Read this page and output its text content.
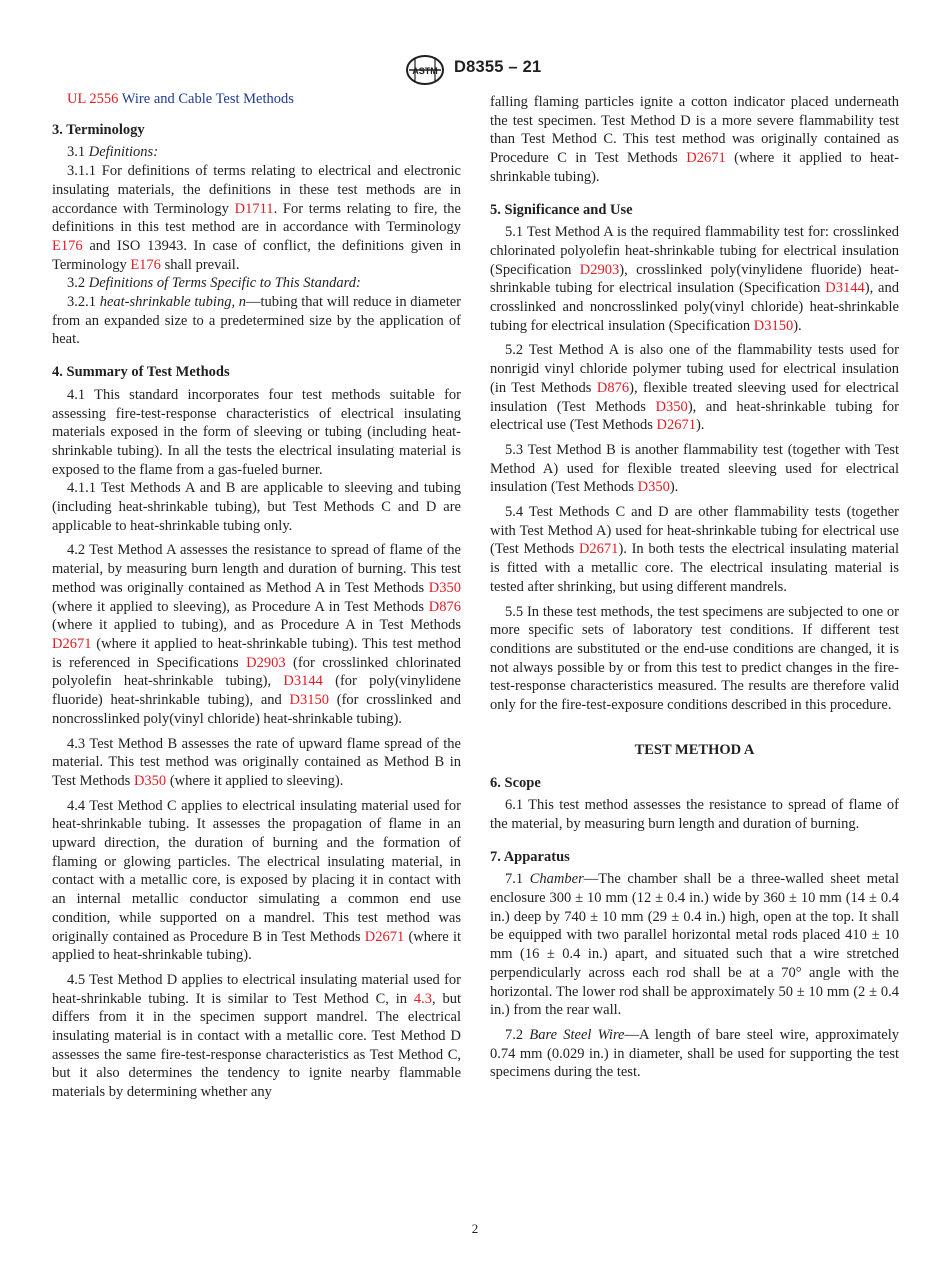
ASTM D8355 – 21

UL 2556 Wire and Cable Test Methods

3. Terminology

3.1 Definitions:

3.1.1 For definitions of terms relating to electrical and electronic insulating materials, the definitions in these test methods are in accordance with Terminology D1711. For terms relating to fire, the definitions in this test method are in accordance with Terminology E176 and ISO 13943. In case of conflict, the definitions given in Terminology E176 shall prevail.

3.2 Definitions of Terms Specific to This Standard:

3.2.1 heat-shrinkable tubing, n—tubing that will reduce in diameter from an expanded size to a predetermined size by the application of heat.

4. Summary of Test Methods

4.1 This standard incorporates four test methods suitable for assessing fire-test-response characteristics of electrical insulating materials exposed in the form of sleeving or tubing (including heat-shrinkable tubing). In all the tests the electrical insulating material is exposed to the flame from a gas-fueled burner.

4.1.1 Test Methods A and B are applicable to sleeving and tubing (including heat-shrinkable tubing), but Test Methods C and D are applicable to heat-shrinkable tubing only.

4.2 Test Method A assesses the resistance to spread of flame of the material, by measuring burn length and duration of burning. This test method was originally contained as Method A in Test Methods D350 (where it applied to sleeving), as Procedure A in Test Methods D876 (where it applied to tubing), and as Procedure A in Test Methods D2671 (where it applied to heat-shrinkable tubing). This test method is referenced in Specifications D2903 (for crosslinked chlorinated polyolefin heat-shrinkable tubing), D3144 (for poly(vinylidene fluoride) heat-shrinkable tubing), and D3150 (for crosslinked and noncrosslinked poly(vinyl chloride) heat-shrinkable tubing).

4.3 Test Method B assesses the rate of upward flame spread of the material. This test method was originally contained as Method B in Test Methods D350 (where it applied to sleeving).

4.4 Test Method C applies to electrical insulating material used for heat-shrinkable tubing. It assesses the propagation of flame in an upward direction, the duration of burning and the formation of flaming or glowing particles. The electrical insulating material, in contact with a metallic core, is exposed by placing it in contact with an internal metallic conductor simulating a common end use condition, while supported on a mandrel. This test method was originally contained as Procedure B in Test Methods D2671 (where it applied to heat-shrinkable tubing).

4.5 Test Method D applies to electrical insulating material used for heat-shrinkable tubing. It is similar to Test Method C, in 4.3, but differs from it in the specimen support mandrel. The electrical insulating material is in contact with a metallic core. Test Method D assesses the same fire-test-response characteristics as Test Method C, but it also determines the tendency to ignite nearby flammable materials by determining whether any

falling flaming particles ignite a cotton indicator placed underneath the test specimen. Test Method D is a more severe flammability test than Test Method C. This test method was originally contained as Procedure C in Test Methods D2671 (where it applied to heat-shrinkable tubing).

5. Significance and Use

5.1 Test Method A is the required flammability test for: crosslinked chlorinated polyolefin heat-shrinkable tubing for electrical insulation (Specification D2903), crosslinked poly(vinylidene fluoride) heat-shrinkable tubing for electrical insulation (Specification D3144), and crosslinked and noncrosslinked poly(vinyl chloride) heat-shrinkable tubing for electrical insulation (Specification D3150).

5.2 Test Method A is also one of the flammability tests used for nonrigid vinyl chloride polymer tubing used for electrical insulation (in Test Methods D876), flexible treated sleeving used for electrical insulation (Test Methods D350), and heat-shrinkable tubing for electrical use (Test Methods D2671).

5.3 Test Method B is another flammability test (together with Test Method A) used for flexible treated sleeving used for electrical insulation (Test Methods D350).

5.4 Test Methods C and D are other flammability tests (together with Test Method A) used for heat-shrinkable tubing for electrical use (Test Methods D2671). In both tests the electrical insulating material is fitted with a metallic core. The electrical insulating material is tested after shrinking, but using different mandrels.

5.5 In these test methods, the test specimens are subjected to one or more specific sets of laboratory test conditions. If different test conditions are substituted or the end-use conditions are changed, it is not always possible by or from this test to predict changes in the fire-test-response characteristics measured. The results are therefore valid only for the fire-test-exposure conditions described in this procedure.

TEST METHOD A

6. Scope

6.1 This test method assesses the resistance to spread of flame of the material, by measuring burn length and duration of burning.

7. Apparatus

7.1 Chamber—The chamber shall be a three-walled sheet metal enclosure 300 ± 10 mm (12 ± 0.4 in.) wide by 360 ± 10 mm (14 ± 0.4 in.) deep by 740 ± 10 mm (29 ± 0.4 in.) high, open at the top. It shall be equipped with two parallel horizontal metal rods placed 410 ± 10 mm (16 ± 0.4 in.) apart, and situated such that a wire stretched perpendicularly across each rod shall be at a 70° angle with the horizontal. The lower rod shall be approximately 50 ± 10 mm (2 ± 0.4 in.) from the rear wall.

7.2 Bare Steel Wire—A length of bare steel wire, approximately 0.74 mm (0.029 in.) in diameter, shall be used for supporting the test specimens during the test.

2
